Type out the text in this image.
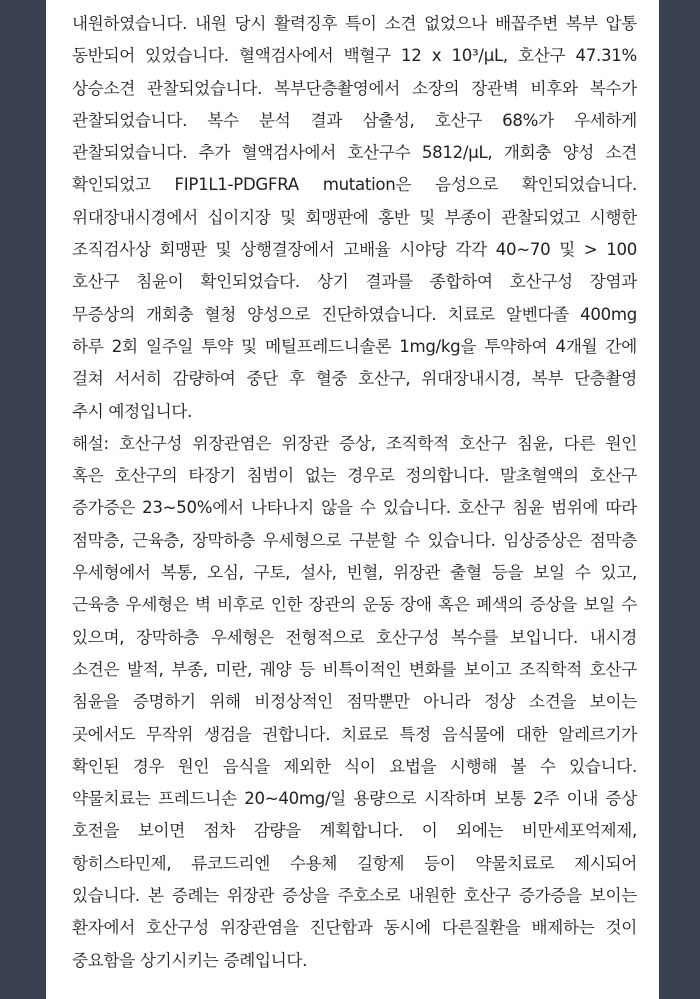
내원하였습니다. 내원 당시 활력징후 특이 소견 없었으나 배꼽주변 복부 압통
동반되어 있었습니다. 혈액검사에서 백혈구 12 x 10³/μL, 호산구 47.31%
상승소견 관찰되었습니다. 복부단층촬영에서 소장의 장관벽 비후와 복수가
관찰되었습니다. 복수 분석 결과 삼출성, 호산구 68%가 우세하게
관찰되었습니다. 추가 혈액검사에서 호산구수 5812/μL, 개회충 양성 소견
확인되었고 FIP1L1-PDGFRA mutation은 음성으로 확인되었습니다.
위대장내시경에서 십이지장 및 회맹판에 홍반 및 부종이 관찰되었고 시행한
조직검사상 회맹판 및 상행결장에서 고배율 시야당 각각 40~70 및 > 100
호산구 침윤이 확인되었습다. 상기 결과를 종합하여 호산구성 장염과
무증상의 개회충 혈청 양성으로 진단하였습니다. 치료로 알벤다졸 400mg
하루 2회 일주일 투약 및 메틸프레드니솔론 1mg/kg을 투약하여 4개월 간에
걸쳐 서서히 감량하여 중단 후 혈중 호산구, 위대장내시경, 복부 단층촬영
추시 예정입니다.
해설: 호산구성 위장관염은 위장관 증상, 조직학적 호산구 침윤, 다른 원인
혹은 호산구의 타장기 침범이 없는 경우로 정의합니다. 말초혈액의 호산구
증가증은 23~50%에서 나타나지 않을 수 있습니다. 호산구 침윤 범위에 따라
점막층, 근육층, 장막하층 우세형으로 구분할 수 있습니다. 임상증상은 점막층
우세형에서 복통, 오심, 구토, 설사, 빈혈, 위장관 출혈 등을 보일 수 있고,
근육층 우세형은 벽 비후로 인한 장관의 운동 장애 혹은 폐색의 증상을 보일 수
있으며, 장막하층 우세형은 전형적으로 호산구성 복수를 보입니다. 내시경
소견은 발적, 부종, 미란, 궤양 등 비특이적인 변화를 보이고 조직학적 호산구
침윤을 증명하기 위해 비정상적인 점막뿐만 아니라 정상 소견을 보이는
곳에서도 무작위 생검을 권합니다. 치료로 특정 음식물에 대한 알레르기가
확인된 경우 원인 음식을 제외한 식이 요법을 시행해 볼 수 있습니다.
약물치료는 프레드니손 20~40mg/일 용량으로 시작하며 보통 2주 이내 증상
호전을 보이면 점차 감량을 계획합니다. 이 외에는 비만세포억제제,
항히스타민제, 류코드리엔 수용체 길항제 등이 약물치료로 제시되어
있습니다. 본 증례는 위장관 증상을 주호소로 내원한 호산구 증가증을 보이는
환자에서 호산구성 위장관염을 진단함과 동시에 다른질환을 배제하는 것이
중요함을 상기시키는 증례입니다.
